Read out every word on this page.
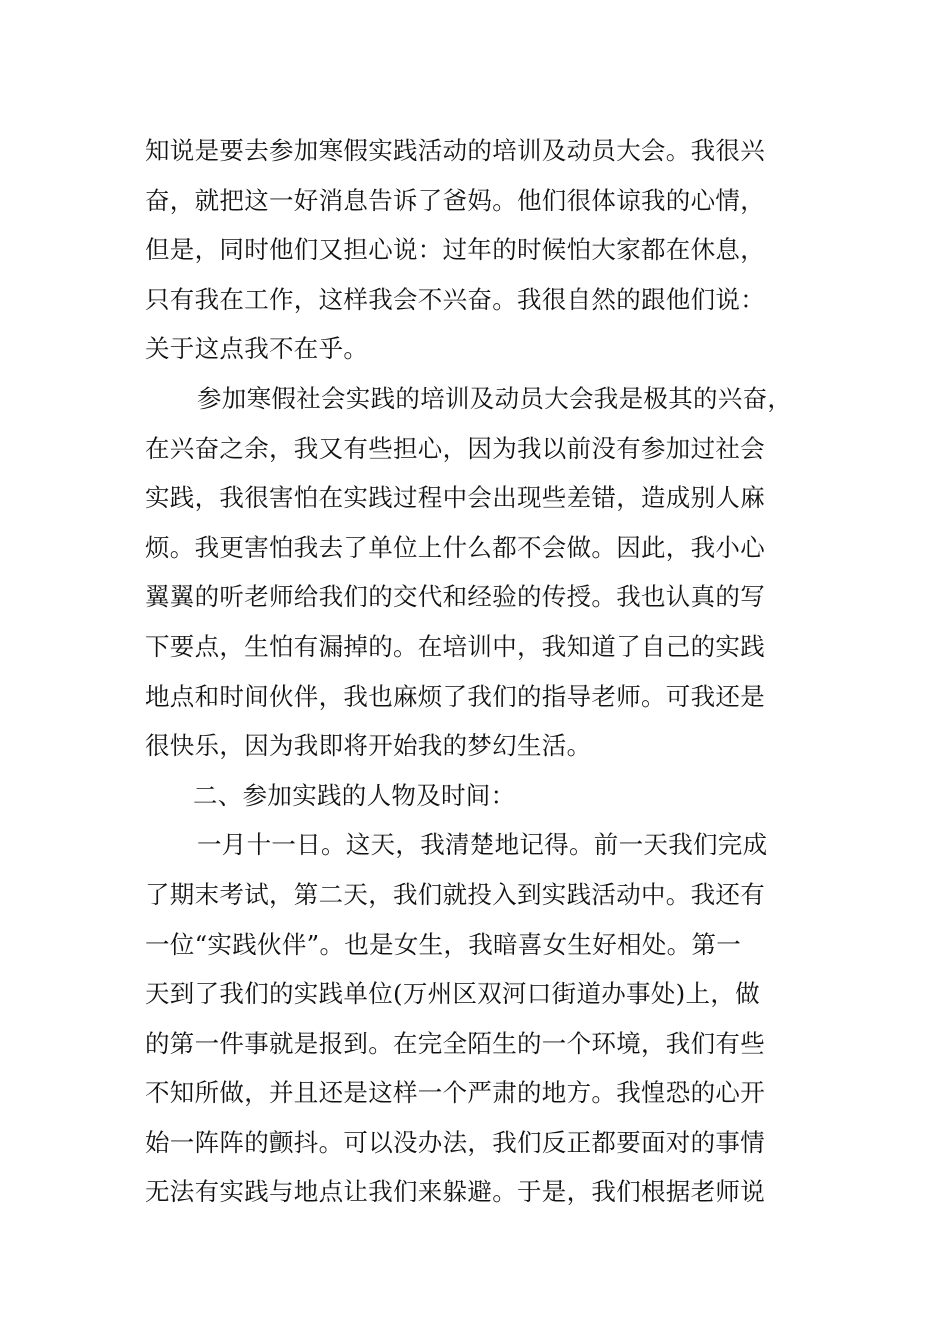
知说是要去参加寒假实践活动的培训及动员大会。我很兴
奋，就把这一好消息告诉了爸妈。他们很体谅我的心情，
但是，同时他们又担心说：过年的时候怕大家都在休息，
只有我在工作，这样我会不兴奋。我很自然的跟他们说：
关于这点我不在乎。
参加寒假社会实践的培训及动员大会我是极其的兴奋，
在兴奋之余，我又有些担心，因为我以前没有参加过社会
实践，我很害怕在实践过程中会出现些差错，造成别人麻
烦。我更害怕我去了单位上什么都不会做。因此，我小心
翼翼的听老师给我们的交代和经验的传授。我也认真的写
下要点，生怕有漏掉的。在培训中，我知道了自己的实践
地点和时间伙伴，我也麻烦了我们的指导老师。可我还是
很快乐，因为我即将开始我的梦幻生活。
二、参加实践的人物及时间：
一月十一日。这天，我清楚地记得。前一天我们完成
了期末考试，第二天，我们就投入到实践活动中。我还有
一位“实践伙伴”。也是女生，我暗喜女生好相处。第一
天到了我们的实践单位(万州区双河口街道办事处)上，做
的第一件事就是报到。在完全陌生的一个环境，我们有些
不知所做，并且还是这样一个严肃的地方。我惶恐的心开
始一阵阵的颤抖。可以没办法，我们反正都要面对的事情
无法有实践与地点让我们来躲避。于是，我们根据老师说
